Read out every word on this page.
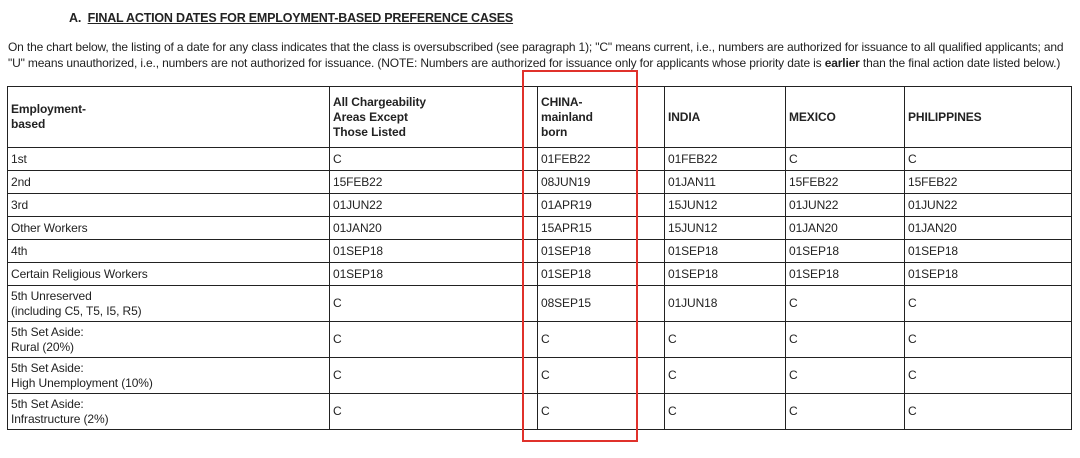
A. FINAL ACTION DATES FOR EMPLOYMENT-BASED PREFERENCE CASES
On the chart below, the listing of a date for any class indicates that the class is oversubscribed (see paragraph 1); "C" means current, i.e., numbers are authorized for issuance to all qualified applicants; and "U" means unauthorized, i.e., numbers are not authorized for issuance. (NOTE: Numbers are authorized for issuance only for applicants whose priority date is earlier than the final action date listed below.)
Employment-
based	All Chargeability
Areas Except
Those Listed	CHINA-
mainland
born	INDIA	MEXICO	PHILIPPINES
1st	C	01FEB22	01FEB22	C	C
2nd	15FEB22	08JUN19	01JAN11	15FEB22	15FEB22
3rd	01JUN22	01APR19	15JUN12	01JUN22	01JUN22
Other Workers	01JAN20	15APR15	15JUN12	01JAN20	01JAN20
4th	01SEP18	01SEP18	01SEP18	01SEP18	01SEP18
Certain Religious Workers	01SEP18	01SEP18	01SEP18	01SEP18	01SEP18
5th Unreserved
(including C5, T5, I5, R5)	C	08SEP15	01JUN18	C	C
5th Set Aside:
Rural (20%)	C	C	C	C	C
5th Set Aside:
High Unemployment (10%)	C	C	C	C	C
5th Set Aside:
Infrastructure (2%)	C	C	C	C	C
